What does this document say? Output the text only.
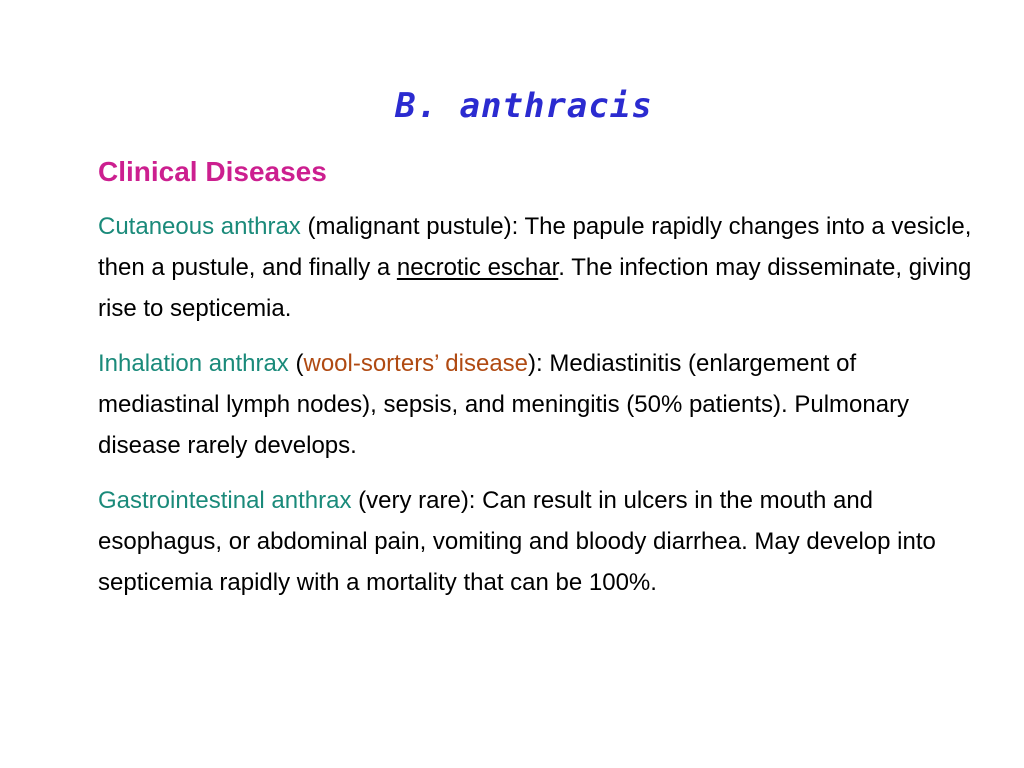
B. anthracis
Clinical Diseases

Cutaneous anthrax (malignant pustule): The papule rapidly changes into a vesicle, then a pustule, and finally a necrotic eschar. The infection may disseminate, giving rise to septicemia.

Inhalation anthrax (wool-sorters’ disease): Mediastinitis (enlargement of mediastinal lymph nodes), sepsis, and meningitis (50% patients). Pulmonary disease rarely develops.

Gastrointestinal anthrax (very rare): Can result in ulcers in the mouth and esophagus, or abdominal pain, vomiting and bloody diarrhea. May develop into septicemia rapidly with a mortality that can be 100%.
